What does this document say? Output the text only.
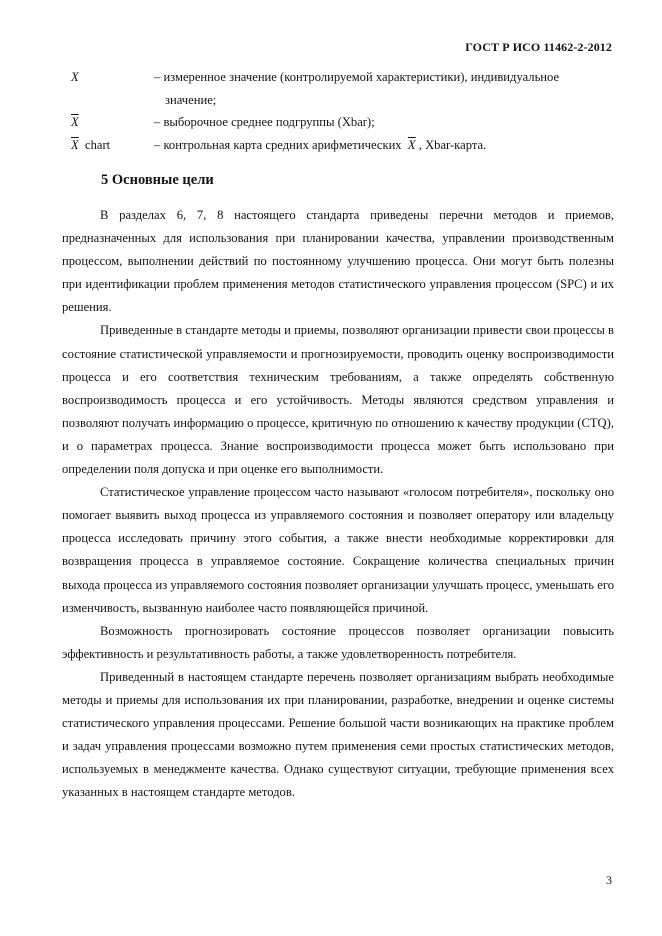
ГОСТ Р ИСО 11462-2-2012
X	– измеренное значение (контролируемой характеристики), индивидуальное
значение;
$\overline{X}$	– выборочное среднее подгруппы (Xbar);
$\overline{X}$ chart	– контрольная карта средних арифметических $\overline{X}$ , Xbar-карта.
5 Основные цели

В разделах 6, 7, 8 настоящего стандарта приведены перечни методов и приемов, предназначенных для использования при планировании качества, управлении производственным процессом, выполнении действий по постоянному улучшению процесса. Они могут быть полезны при идентификации проблем применения методов статистического управления процессом (SPC) и их решения.

Приведенные в стандарте методы и приемы, позволяют организации привести свои процессы в состояние статистической управляемости и прогнозируемости, проводить оценку воспроизводимости процесса и его соответствия техническим требованиям, а также определять собственную воспроизводимость процесса и его устойчивость. Методы являются средством управления и позволяют получать информацию о процессе, критичную по отношению к качеству продукции (CTQ), и о параметрах процесса. Знание воспроизводимости процесса может быть использовано при определении поля допуска и при оценке его выполнимости.

Статистическое управление процессом часто называют «голосом потребителя», поскольку оно помогает выявить выход процесса из управляемого состояния и позволяет оператору или владельцу процесса исследовать причину этого события, а также внести необходимые корректировки для возвращения процесса в управляемое состояние. Сокращение количества специальных причин выхода процесса из управляемого состояния позволяет организации улучшать процесс, уменьшать его изменчивость, вызванную наиболее часто появляющейся причиной.

Возможность прогнозировать состояние процессов позволяет организации повысить эффективность и результативность работы, а также удовлетворенность потребителя.

Приведенный в настоящем стандарте перечень позволяет организациям выбрать необходимые методы и приемы для использования их при планировании, разработке, внедрении и оценке системы статистического управления процессами. Решение большой части возникающих на практике проблем и задач управления процессами возможно путем применения семи простых статистических методов, используемых в менеджменте качества. Однако существуют ситуации, требующие применения всех указанных в настоящем стандарте методов.

3
